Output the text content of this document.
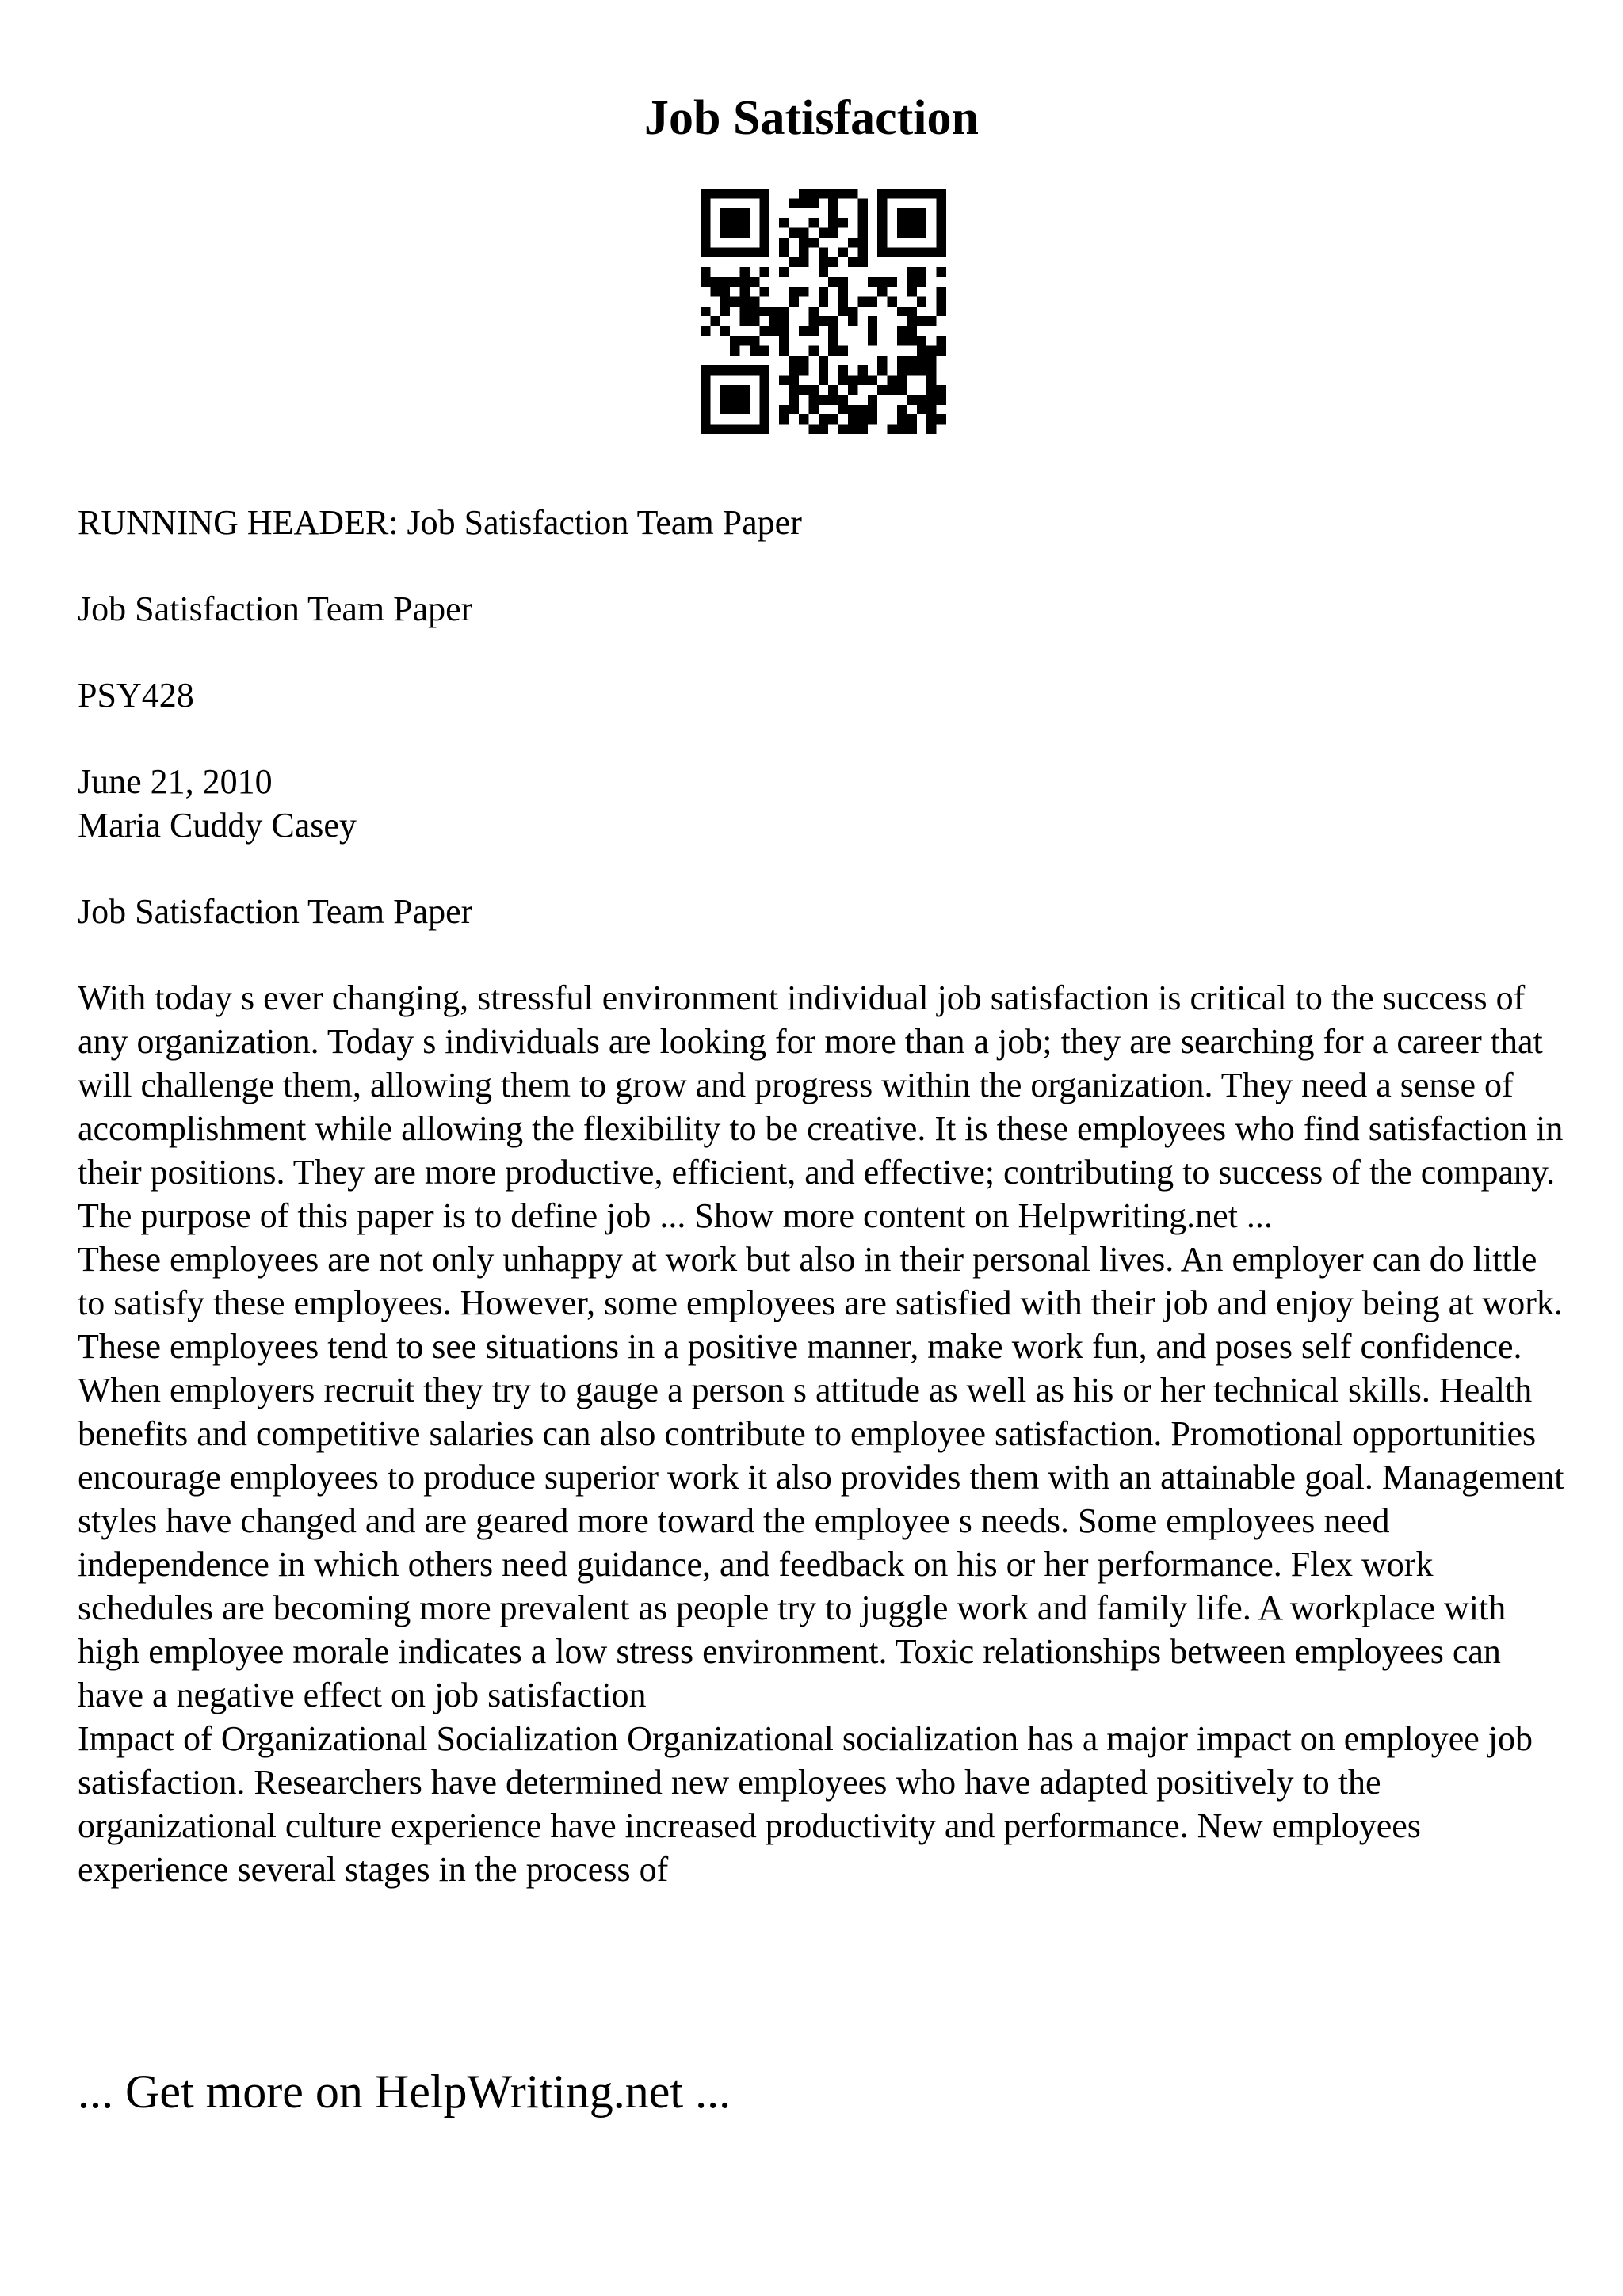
Job Satisfaction

RUNNING HEADER: Job Satisfaction Team Paper

Job Satisfaction Team Paper

PSY428

June 21, 2010

Maria Cuddy Casey

Job Satisfaction Team Paper

With today s ever changing, stressful environment individual job satisfaction is critical to the success of any organization. Today s individuals are looking for more than a job; they are searching for a career that will challenge them, allowing them to grow and progress within the organization. They need a sense of accomplishment while allowing the flexibility to be creative. It is these employees who find satisfaction in their positions. They are more productive, efficient, and effective; contributing to success of the company. The purpose of this paper is to define job ... Show more content on Helpwriting.net ...

These employees are not only unhappy at work but also in their personal lives. An employer can do little to satisfy these employees. However, some employees are satisfied with their job and enjoy being at work. These employees tend to see situations in a positive manner, make work fun, and poses self confidence. When employers recruit they try to gauge a person s attitude as well as his or her technical skills. Health benefits and competitive salaries can also contribute to employee satisfaction. Promotional opportunities encourage employees to produce superior work it also provides them with an attainable goal. Management styles have changed and are geared more toward the employee s needs. Some employees need independence in which others need guidance, and feedback on his or her performance. Flex work schedules are becoming more prevalent as people try to juggle work and family life. A workplace with high employee morale indicates a low stress environment. Toxic relationships between employees can have a negative effect on job satisfaction

Impact of Organizational Socialization Organizational socialization has a major impact on employee job satisfaction. Researchers have determined new employees who have adapted positively to the organizational culture experience have increased productivity and performance. New employees experience several stages in the process of

... Get more on HelpWriting.net ...
